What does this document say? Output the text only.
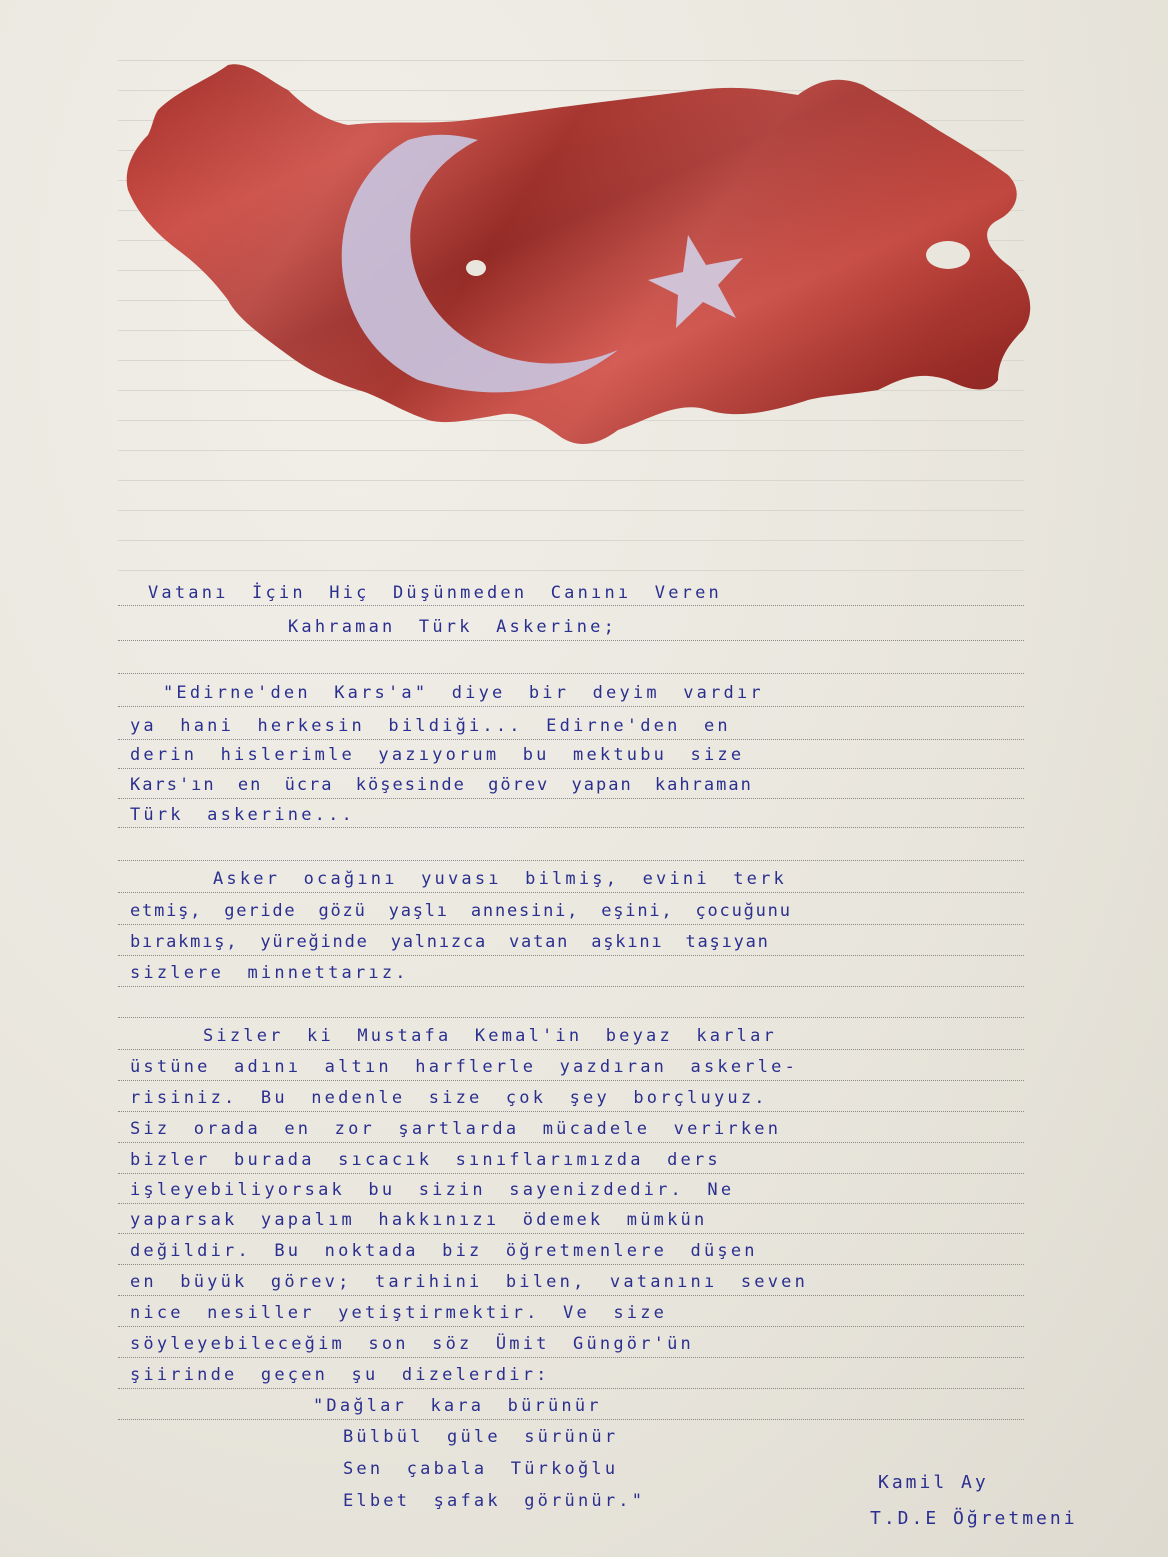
Vatanı İçin Hiç Düşünmeden Canını Veren
Kahraman Türk Askerine;
"Edirne'den Kars'a" diye bir deyim vardır
ya hani herkesin bildiği... Edirne'den en
derin hislerimle yazıyorum bu mektubu size
Kars'ın en ücra köşesinde görev yapan kahraman
Türk askerine...
Asker ocağını yuvası bilmiş, evini terk
etmiş, geride gözü yaşlı annesini, eşini, çocuğunu
bırakmış, yüreğinde yalnızca vatan aşkını taşıyan
sizlere minnettarız.
Sizler ki Mustafa Kemal'in beyaz karlar
üstüne adını altın harflerle yazdıran askerle-
risiniz. Bu nedenle size çok şey borçluyuz.
Siz orada en zor şartlarda mücadele verirken
bizler burada sıcacık sınıflarımızda ders
işleyebiliyorsak bu sizin sayenizdedir. Ne
yaparsak yapalım hakkınızı ödemek mümkün
değildir. Bu noktada biz öğretmenlere düşen
en büyük görev; tarihini bilen, vatanını seven
nice nesiller yetiştirmektir. Ve size
söyleyebileceğim son söz Ümit Güngör'ün
şiirinde geçen şu dizelerdir:
"Dağlar kara bürünür
Bülbül güle sürünür
Sen çabala Türkoğlu
Elbet şafak görünür."
Kamil Ay
T.D.E Öğretmeni
